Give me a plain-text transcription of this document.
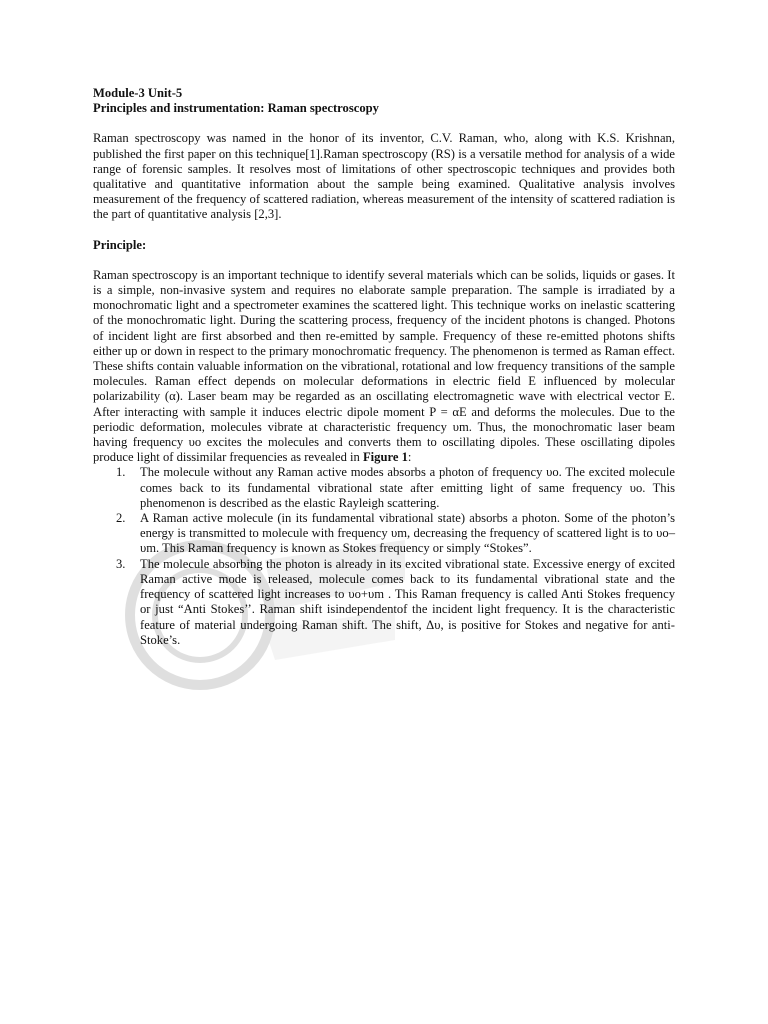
Module-3 Unit-5

Principles and instrumentation: Raman spectroscopy

Raman spectroscopy was named in the honor of its inventor, C.V. Raman, who, along with K.S. Krishnan, published the first paper on this technique[1].Raman spectroscopy (RS) is a versatile method for analysis of a wide range of forensic samples. It resolves most of limitations of other spectroscopic techniques and provides both qualitative and quantitative information about the sample being examined. Qualitative analysis involves measurement of the frequency of scattered radiation, whereas measurement of the intensity of scattered radiation is the part of quantitative analysis [2,3].

Principle:

Raman spectroscopy is an important technique to identify several materials which can be solids, liquids or gases. It is a simple, non-invasive system and requires no elaborate sample preparation. The sample is irradiated by a monochromatic light and a spectrometer examines the scattered light. This technique works on inelastic scattering of the monochromatic light. During the scattering process, frequency of the incident photons is changed. Photons of incident light are first absorbed and then re-emitted by sample. Frequency of these re-emitted photons shifts either up or down in respect to the primary monochromatic frequency. The phenomenon is termed as Raman effect. These shifts contain valuable information on the vibrational, rotational and low frequency transitions of the sample molecules. Raman effect depends on molecular deformations in electric field E influenced by molecular polarizability (α). Laser beam may be regarded as an oscillating electromagnetic wave with electrical vector E. After interacting with sample it induces electric dipole moment P = αE and deforms the molecules. Due to the periodic deformation, molecules vibrate at characteristic frequency υm. Thus, the monochromatic laser beam having frequency υo excites the molecules and converts them to oscillating dipoles. These oscillating dipoles produce light of dissimilar frequencies as revealed in Figure 1:

1. The molecule without any Raman active modes absorbs a photon of frequency υo. The excited molecule comes back to its fundamental vibrational state after emitting light of same frequency υo. This phenomenon is described as the elastic Rayleigh scattering.
2. A Raman active molecule (in its fundamental vibrational state) absorbs a photon. Some of the photon’s energy is transmitted to molecule with frequency υm, decreasing the frequency of scattered light is to υo–υm. This Raman frequency is known as Stokes frequency or simply “Stokes”.
3. The molecule absorbing the photon is already in its excited vibrational state. Excessive energy of excited Raman active mode is released, molecule comes back to its fundamental vibrational state and the frequency of scattered light increases to υo+υm . This Raman frequency is called Anti Stokes frequency or just “Anti Stokes’’. Raman shift isindependentof the incident light frequency. It is the characteristic feature of material undergoing Raman shift. The shift, Δυ, is positive for Stokes and negative for anti-Stoke’s.
